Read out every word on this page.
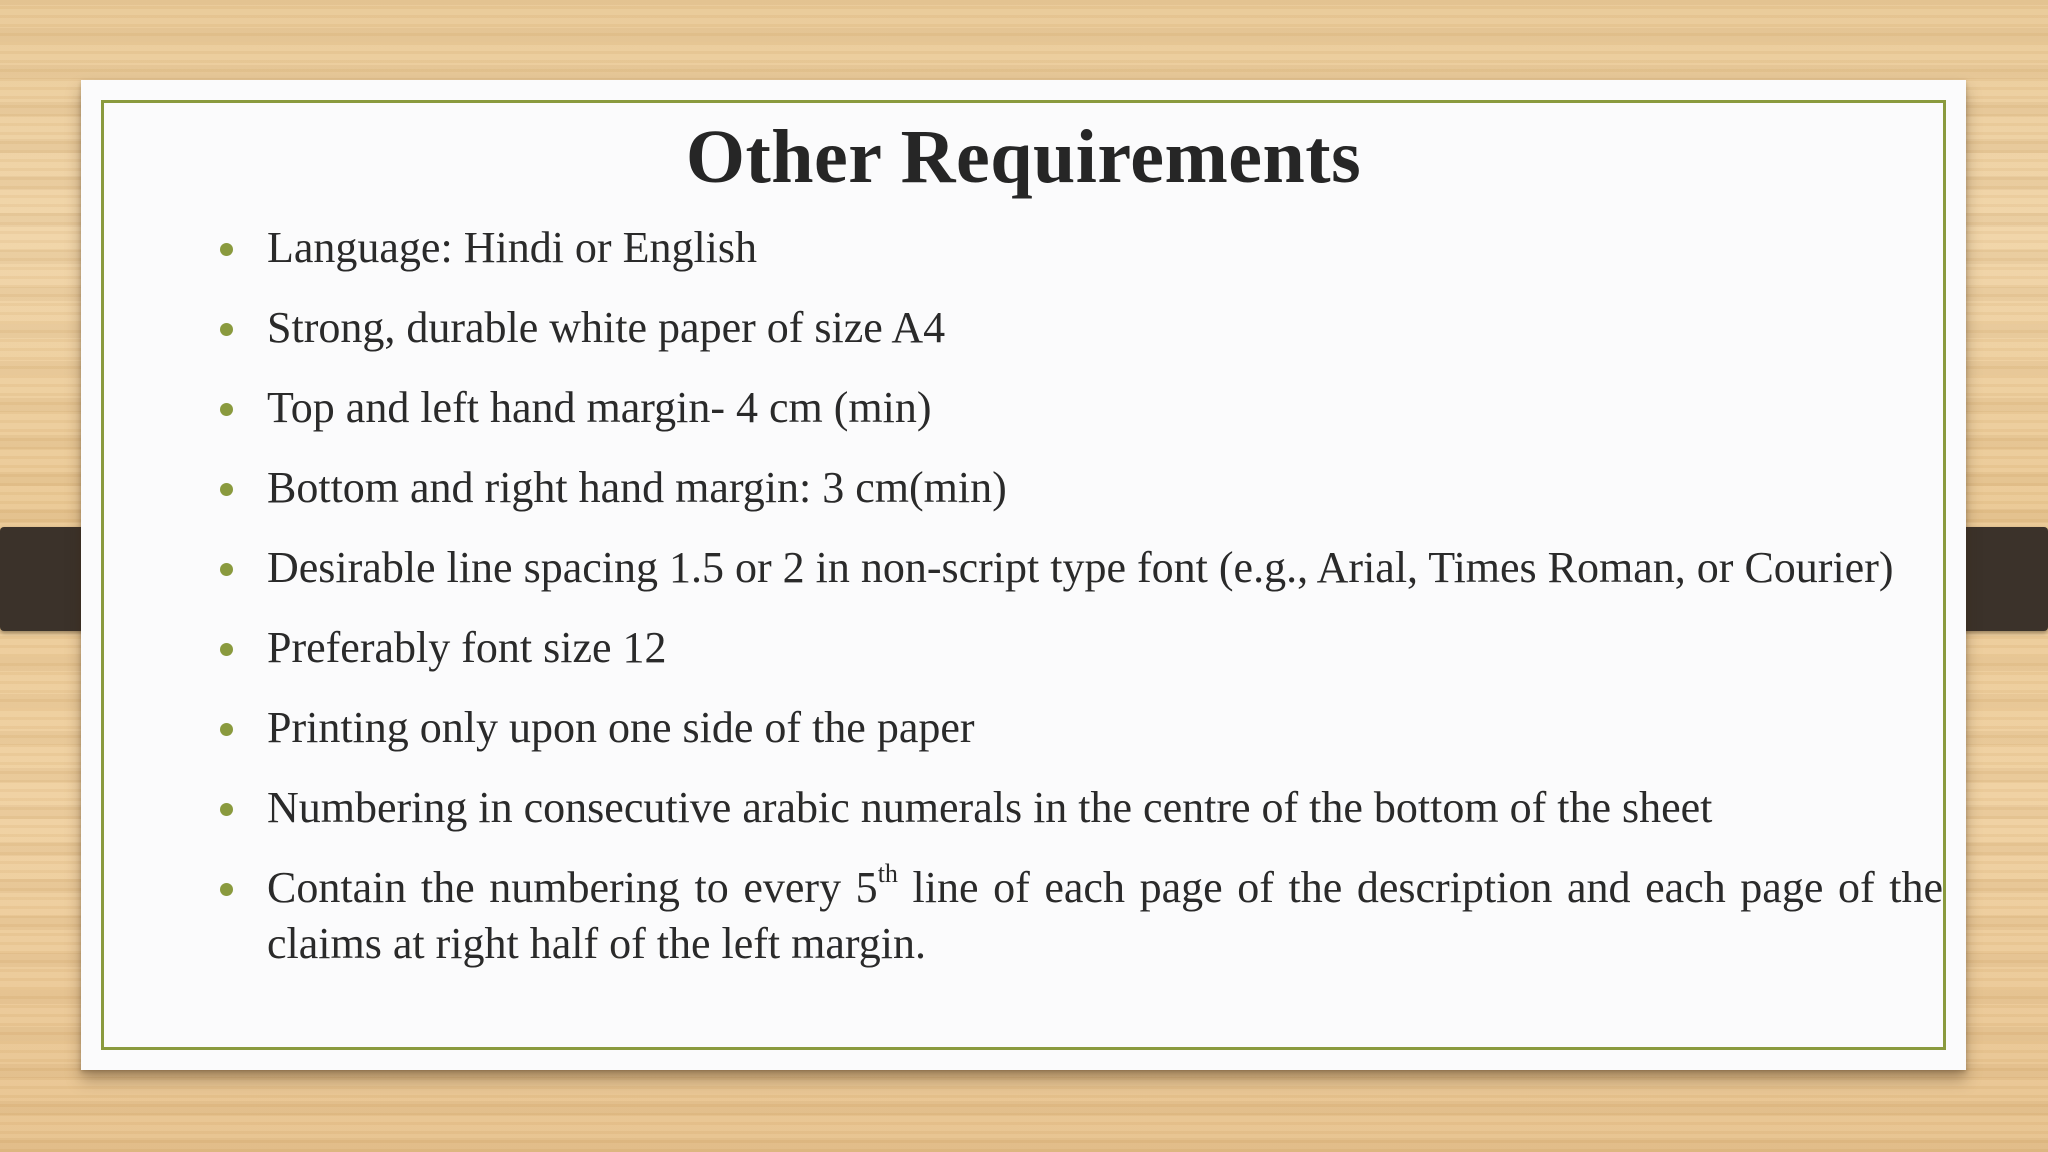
Other Requirements
Language: Hindi or English
Strong, durable white paper of size A4
Top and left hand margin- 4 cm (min)
Bottom and right hand margin: 3 cm(min)
Desirable line spacing 1.5 or 2 in non-script type font (e.g., Arial, Times Roman, or Courier)
Preferably font size 12
Printing only upon one side of the paper
Numbering in consecutive arabic numerals in the centre of the bottom of the sheet
Contain the numbering to every 5th line of each page of the description and each page of the claims at right half of the left margin.
